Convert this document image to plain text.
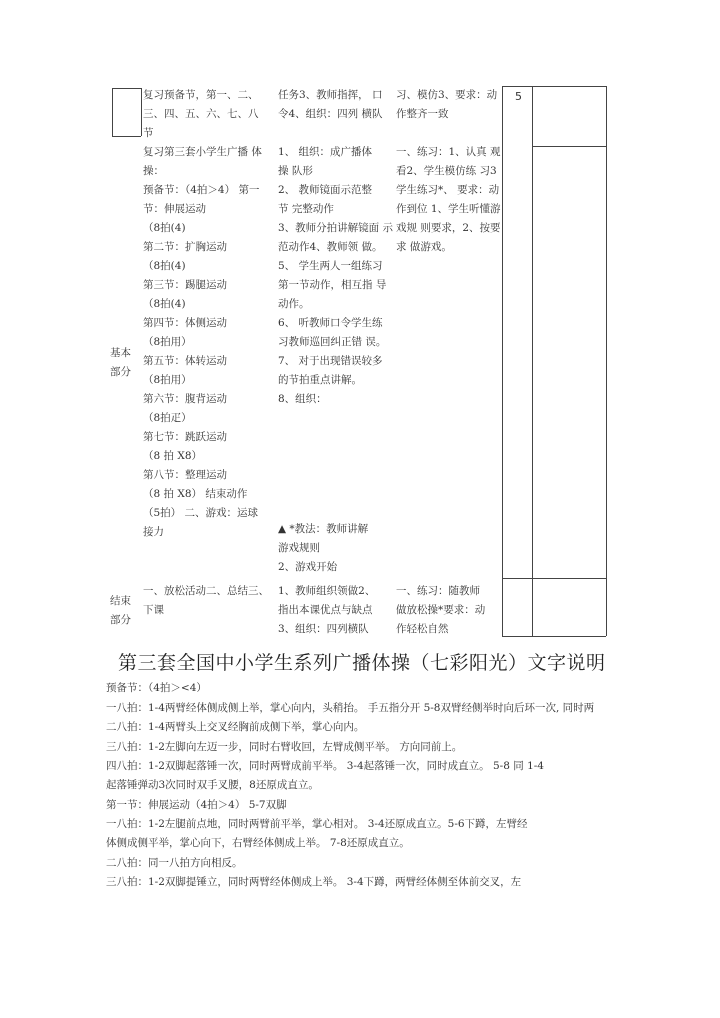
基本
部分
结束
部分
复习预备节，第一、二、
三、四、五、六、七、八
节
复习第三套小学生广播 体
操：
预备节：（4拍＞4） 第一
节：伸展运动
（8拍(4)
第二节：扩胸运动
（8拍(4)
第三节：踢腿运动
（8拍(4)
第四节：体侧运动
（8拍用）
第五节：体转运动
（8拍用）
第六节：腹背运动
（8拍疋）
第七节：跳跃运动
（8 拍 X8）
第八节：整理运动
（8 拍 X8） 结束动作
（5拍） 二、游戏：运球
接力
任务3、教师指挥， 口
令4、组织：四列 横队

1、 组织：成广播体
操 队形
2、 教师镜面示范整
节 完整动作
3、教师分拍讲解镜面 示
范动作4、教师领 做。
5、 学生两人一组练习
第一节动作，相互指 导
动作。
6、 听教师口令学生练
习教师巡回纠正错 误。
7、 对于出现错误较多
的节拍重点讲解。
8、组织：
▲ *教法：教师讲解
游戏规则
2、游戏开始
习、模仿3、要求：动
作整齐一致

一、练习：1、认真 观
看2、学生模仿练 习3
学生练习*、 要求：动
作到位 1、学生听懂游
戏规 则要求，2、按要
求 做游戏。
5
一、放松活动二、总结三、
下课
1、教师组织领做2、
指出本课优点与缺点
3、组织：四列横队
一、练习：随教师
做放松操*要求：动
作轻松自然
第三套全国中小学生系列广播体操（七彩阳光）文字说明
预备节：（4拍＞<4）
一八拍：1-4两臂经体侧成侧上举，掌心向内，头稍抬。 手五指分开 5-8双臂经侧举时向后环一次, 同时两
二八拍：1-4两臂头上交叉经胸前成侧下举，掌心向内。
三八拍：1-2左脚向左迈一步，同时右臂收回，左臂成侧平举。 方向同前上。
四八拍：1-2双脚起落锤一次，同时两臂成前平举。 3-4起落锤一次，同时成直立。 5-8 同 1-4
起落锤弹动3次同时双手叉腰，8还原成直立。
第一节：伸展运动（4拍＞4） 5-7双脚
一八拍：1-2左腿前点地，同时两臂前平举，掌心相对。 3-4还原成直立。5-6下蹲，左臂经
体侧成侧平举，掌心向下，右臂经体侧成上举。 7-8还原成直立。
二八拍：同一八拍方向相反。
三八拍：1-2双脚提锤立，同时两臂经体侧成上举。 3-4下蹲，两臂经体侧至体前交叉，左
